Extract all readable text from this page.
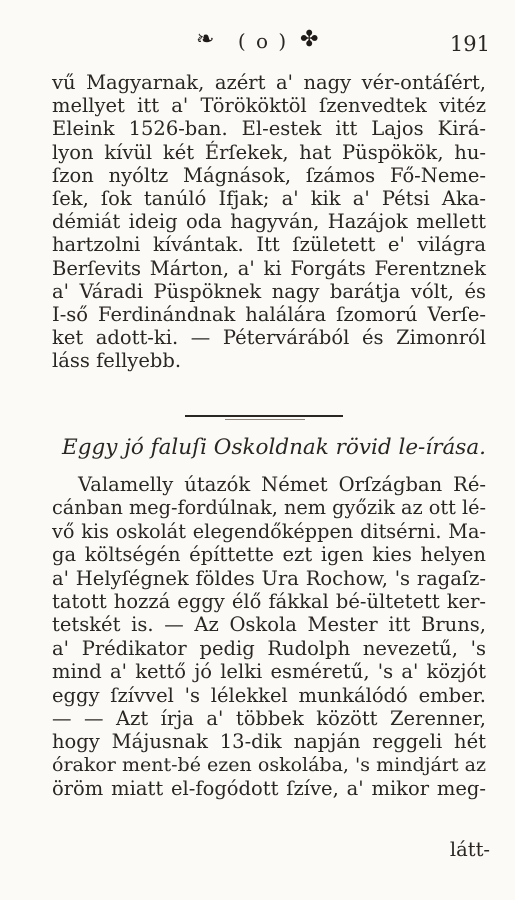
❧	( o ) ✤	191
vű Magyarnak, azért a' nagy vér-ontáſért,
mellyet itt a' Törököktöl ſzenvedtek vitéz
Eleink 1526-ban. El-estek itt Lajos Kirá-
lyon kívül két Érſekek, hat Püspökök, hu-
ſzon nyóltz Mágnások, ſzámos Fő-Neme-
ſek, ſok tanúló Ifjak; a' kik a' Pétsi Aka-
démiát ideig oda hagyván, Hazájok mellett
hartzolni kívántak. Itt ſzületett e' világra
Berſevits Márton, a' ki Forgáts Ferentznek
a' Váradi Püspöknek nagy barátja vólt, és
I-ső Ferdinándnak halálára ſzomorú Verſe-
ket adott-ki. — Pétervárából és Zimonról
láss fellyebb.
Eggy jó faluſi Oskoldnak rövid le-írása.
Valamelly útazók Német Orſzágban Ré-
cánban meg-fordúlnak, nem győzik az ott lé-
vő kis oskolát elegendőképpen ditsérni. Ma-
ga költségén építtette ezt igen kies helyen
a' Helyſégnek földes Ura Rochow, 's ragaſz-
tatott hozzá eggy élő fákkal bé-ültetett ker-
tetskét is. — Az Oskola Mester itt Bruns,
a' Prédikator pedig Rudolph nevezetű, 's
mind a' kettő jó lelki esméretű, 's a' közjót
eggy ſzívvel 's lélekkel munkálódó ember.
— — Azt írja a' többek között Zerenner,
hogy Májusnak 13-dik napján reggeli hét
órakor ment-bé ezen oskolába, 's mindjárt az
öröm miatt el-fogódott ſzíve, a' mikor meg-
látt-
